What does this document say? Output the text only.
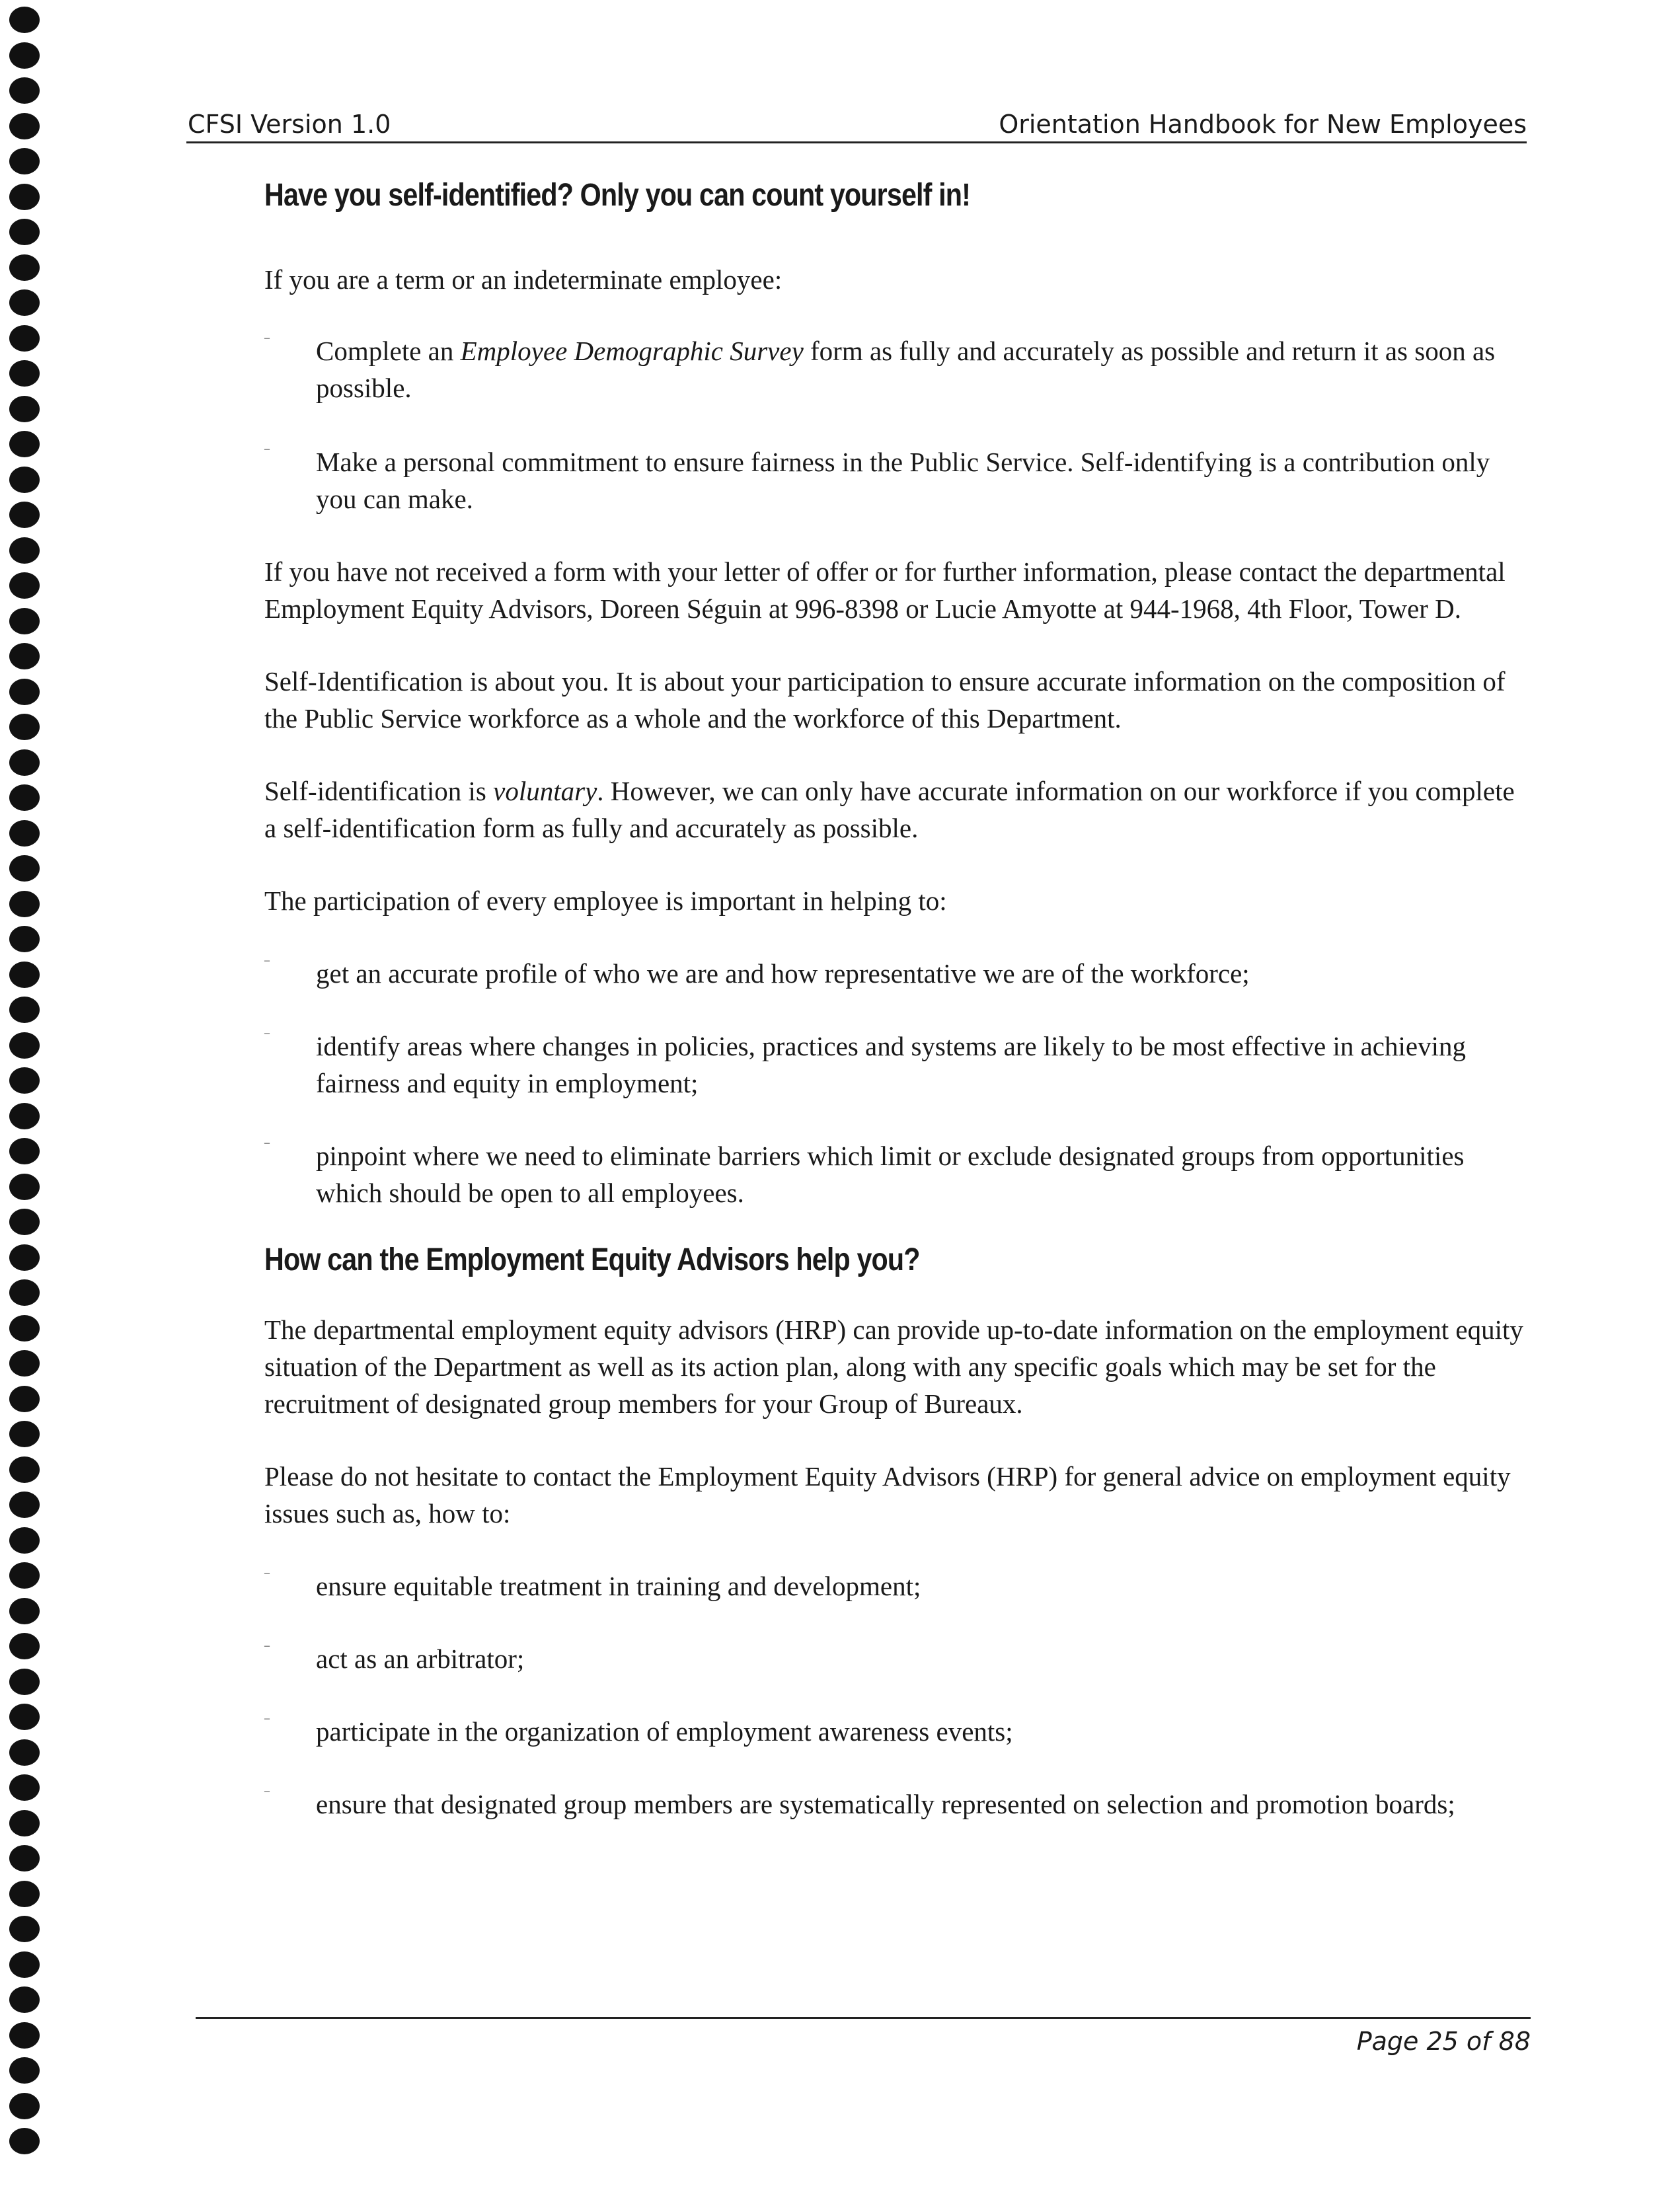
CFSI Version 1.0	Orientation Handbook for New Employees
Have you self-identified? Only you can count yourself in!

If you are a term or an indeterminate employee:

– Complete an Employee Demographic Survey form as fully and accurately as possible and return it as soon as possible.

– Make a personal commitment to ensure fairness in the Public Service. Self-identifying is a contribution only you can make.

If you have not received a form with your letter of offer or for further information, please contact the departmental Employment Equity Advisors, Doreen Séguin at 996-8398 or Lucie Amyotte at 944-1968, 4th Floor, Tower D.

Self-Identification is about you. It is about your participation to ensure accurate information on the composition of the Public Service workforce as a whole and the workforce of this Department.

Self-identification is voluntary. However, we can only have accurate information on our workforce if you complete a self-identification form as fully and accurately as possible.

The participation of every employee is important in helping to:

– get an accurate profile of who we are and how representative we are of the workforce;

– identify areas where changes in policies, practices and systems are likely to be most effective in achieving fairness and equity in employment;

– pinpoint where we need to eliminate barriers which limit or exclude designated groups from opportunities which should be open to all employees.

How can the Employment Equity Advisors help you?

The departmental employment equity advisors (HRP) can provide up-to-date information on the employment equity situation of the Department as well as its action plan, along with any specific goals which may be set for the recruitment of designated group members for your Group of Bureaux.

Please do not hesitate to contact the Employment Equity Advisors (HRP) for general advice on employment equity issues such as, how to:

– ensure equitable treatment in training and development;

– act as an arbitrator;

– participate in the organization of employment awareness events;

– ensure that designated group members are systematically represented on selection and promotion boards;

Page 25 of 88
